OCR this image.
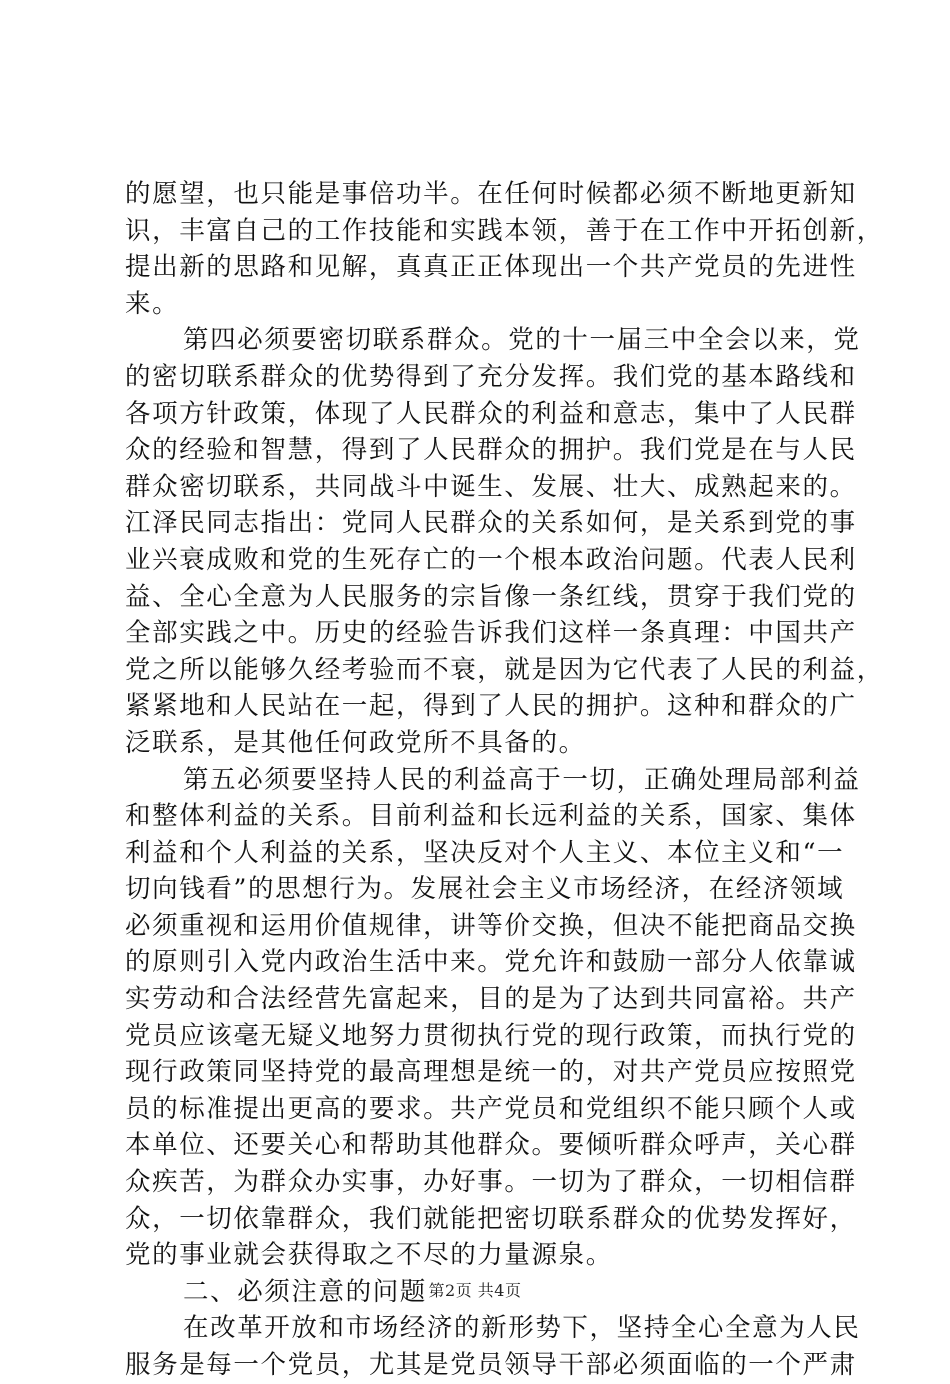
的愿望，也只能是事倍功半。在任何时候都必须不断地更新知
识，丰富自己的工作技能和实践本领，善于在工作中开拓创新，
提出新的思路和见解，真真正正体现出一个共产党员的先进性
来。
第四必须要密切联系群众。党的十一届三中全会以来，党
的密切联系群众的优势得到了充分发挥。我们党的基本路线和
各项方针政策，体现了人民群众的利益和意志，集中了人民群
众的经验和智慧，得到了人民群众的拥护。我们党是在与人民
群众密切联系，共同战斗中诞生、发展、壮大、成熟起来的。
江泽民同志指出：党同人民群众的关系如何，是关系到党的事
业兴衰成败和党的生死存亡的一个根本政治问题。代表人民利
益、全心全意为人民服务的宗旨像一条红线，贯穿于我们党的
全部实践之中。历史的经验告诉我们这样一条真理：中国共产
党之所以能够久经考验而不衰，就是因为它代表了人民的利益，
紧紧地和人民站在一起，得到了人民的拥护。这种和群众的广
泛联系，是其他任何政党所不具备的。
第五必须要坚持人民的利益高于一切，正确处理局部利益
和整体利益的关系。目前利益和长远利益的关系，国家、集体
利益和个人利益的关系，坚决反对个人主义、本位主义和“一
切向钱看”的思想行为。发展社会主义市场经济，在经济领域
必须重视和运用价值规律，讲等价交换，但决不能把商品交换
的原则引入党内政治生活中来。党允许和鼓励一部分人依靠诚
实劳动和合法经营先富起来，目的是为了达到共同富裕。共产
党员应该毫无疑义地努力贯彻执行党的现行政策，而执行党的
现行政策同坚持党的最高理想是统一的，对共产党员应按照党
员的标准提出更高的要求。共产党员和党组织不能只顾个人或
本单位、还要关心和帮助其他群众。要倾听群众呼声，关心群
众疾苦，为群众办实事，办好事。一切为了群众，一切相信群
众，一切依靠群众，我们就能把密切联系群众的优势发挥好，
党的事业就会获得取之不尽的力量源泉。
二、必须注意的问题
在改革开放和市场经济的新形势下，坚持全心全意为人民
服务是每一个党员，尤其是党员领导干部必须面临的一个严肃
第2页 共4页
